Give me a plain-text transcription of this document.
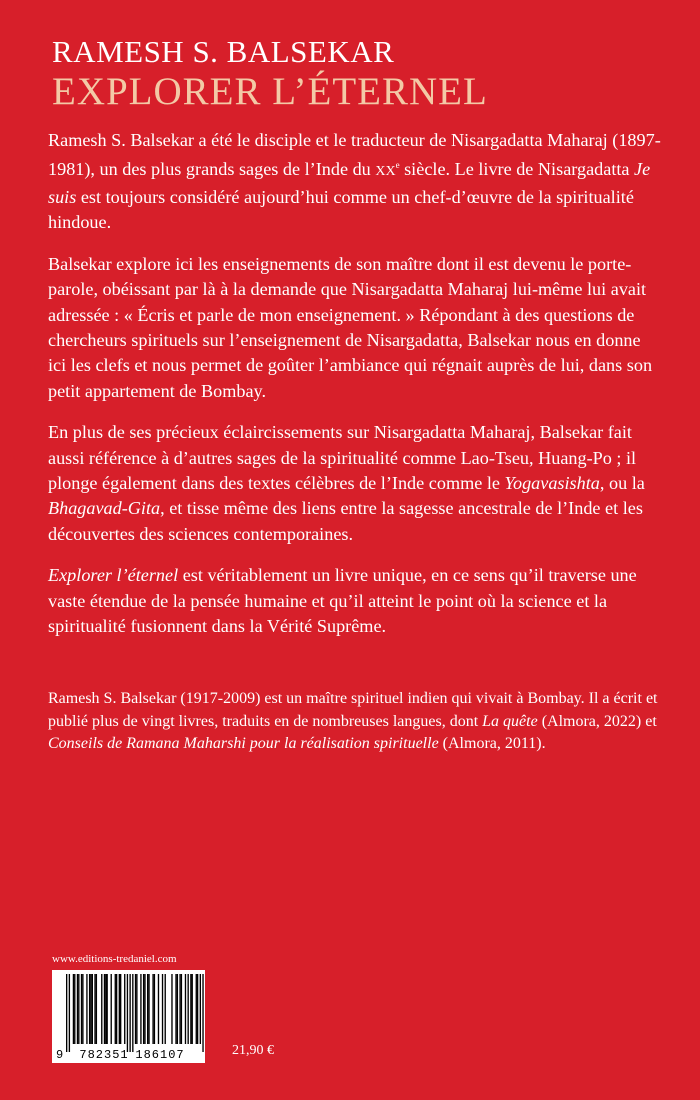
RAMESH S. BALSEKAR
EXPLORER L’ÉTERNEL

Ramesh S. Balsekar a été le disciple et le traducteur de Nisargadatta Maharaj (1897-1981), un des plus grands sages de l’Inde du XXe siècle. Le livre de Nisargadatta Je suis est toujours considéré aujourd’hui comme un chef-d’œuvre de la spiritualité hindoue.

Balsekar explore ici les enseignements de son maître dont il est devenu le porte-parole, obéissant par là à la demande que Nisargadatta Maharaj lui-même lui avait adressée : « Écris et parle de mon enseignement. » Répondant à des questions de chercheurs spirituels sur l’enseignement de Nisargadatta, Balsekar nous en donne ici les clefs et nous permet de goûter l’ambiance qui régnait auprès de lui, dans son petit appartement de Bombay.

En plus de ses précieux éclaircissements sur Nisargadatta Maharaj, Balsekar fait aussi référence à d’autres sages de la spiritualité comme Lao-Tseu, Huang-Po ; il plonge également dans des textes célèbres de l’Inde comme le Yogavasishta, ou la Bhagavad-Gita, et tisse même des liens entre la sagesse ancestrale de l’Inde et les découvertes des sciences contemporaines.

Explorer l’éternel est véritablement un livre unique, en ce sens qu’il traverse une vaste étendue de la pensée humaine et qu’il atteint le point où la science et la spiritualité fusionnent dans la Vérité Suprême.

Ramesh S. Balsekar (1917-2009) est un maître spirituel indien qui vivait à Bombay. Il a écrit et publié plus de vingt livres, traduits en de nombreuses langues, dont La quête (Almora, 2022) et Conseils de Ramana Maharshi pour la réalisation spirituelle (Almora, 2011).

www.editions-tredaniel.com
9 782351 186107	21,90 €
